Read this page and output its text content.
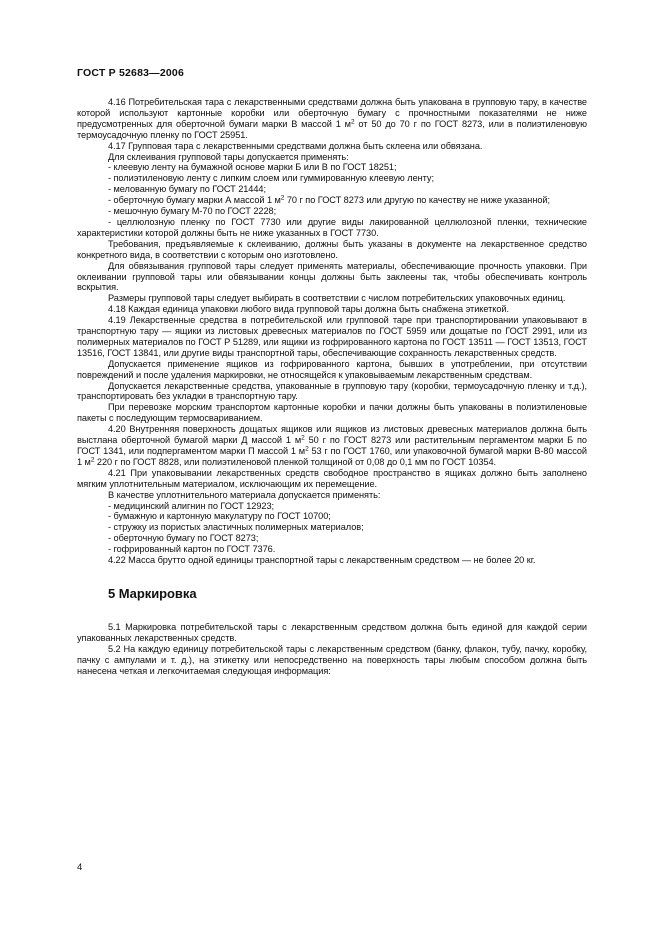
ГОСТ Р 52683—2006

4.16 Потребительская тара с лекарственными средствами должна быть упакована в групповую тару, в качестве которой используют картонные коробки или оберточную бумагу с прочностными показателями не ниже предусмотренных для оберточной бумаги марки В массой 1 $м^2$ от 50 до 70 г по ГОСТ 8273, или в полиэтиленовую термоусадочную пленку по ГОСТ 25951.

4.17 Групповая тара с лекарственными средствами должна быть склеена или обвязана.

Для склеивания групповой тары допускается применять:

- клеевую ленту на бумажной основе марки Б или В по ГОСТ 18251;

- полиэтиленовую ленту с липким слоем или гуммированную клеевую ленту;

- мелованную бумагу по ГОСТ 21444;

- оберточную бумагу марки А массой 1 $м^2$ 70 г по ГОСТ 8273 или другую по качеству не ниже указанной;

- мешочную бумагу М-70 по ГОСТ 2228;

- целлюлозную пленку по ГОСТ 7730 или другие виды лакированной целлюлозной пленки, технические характеристики которой должны быть не ниже указанных в ГОСТ 7730.

Требования, предъявляемые к склеиванию, должны быть указаны в документе на лекарственное средство конкретного вида, в соответствии с которым оно изготовлено.

Для обвязывания групповой тары следует применять материалы, обеспечивающие прочность упаковки. При оклеивании групповой тары или обвязывании концы должны быть заклеены так, чтобы обеспечивать контроль вскрытия.

Размеры групповой тары следует выбирать в соответствии с числом потребительских упаковочных единиц.

4.18 Каждая единица упаковки любого вида групповой тары должна быть снабжена этикеткой.

4.19 Лекарственные средства в потребительской или групповой таре при транспортировании упаковывают в транспортную тару — ящики из листовых древесных материалов по ГОСТ 5959 или дощатые по ГОСТ 2991, или из полимерных материалов по ГОСТ Р 51289, или ящики из гофрированного картона по ГОСТ 13511 — ГОСТ 13513, ГОСТ 13516, ГОСТ 13841, или другие виды транспортной тары, обеспечивающие сохранность лекарственных средств.

Допускается применение ящиков из гофрированного картона, бывших в употреблении, при отсутствии повреждений и после удаления маркировки, не относящейся к упаковываемым лекарственным средствам.

Допускается лекарственные средства, упакованные в групповую тару (коробки, термоусадочную пленку и т.д.), транспортировать без укладки в транспортную тару.

При перевозке морским транспортом картонные коробки и пачки должны быть упакованы в полиэтиленовые пакеты с последующим термосвариванием.

4.20 Внутренняя поверхность дощатых ящиков или ящиков из листовых древесных материалов должна быть выстлана оберточной бумагой марки Д массой 1 $м^2$ 50 г по ГОСТ 8273 или растительным пергаментом марки Б по ГОСТ 1341, или подпергаментом марки П массой 1 $м^2$ 53 г по ГОСТ 1760, или упаковочной бумагой марки В-80 массой 1 $м^2$ 220 г по ГОСТ 8828, или полиэтиленовой пленкой толщиной от 0,08 до 0,1 мм по ГОСТ 10354.

4.21 При упаковывании лекарственных средств свободное пространство в ящиках должно быть заполнено мягким уплотнительным материалом, исключающим их перемещение.

В качестве уплотнительного материала допускается применять:

- медицинский алигнин по ГОСТ 12923;

- бумажную и картонную макулатуру по ГОСТ 10700;

- стружку из пористых эластичных полимерных материалов;

- оберточную бумагу по ГОСТ 8273;

- гофрированный картон по ГОСТ 7376.

4.22 Масса брутто одной единицы транспортной тары с лекарственным средством — не более 20 кг.

5 Маркировка

5.1 Маркировка потребительской тары с лекарственным средством должна быть единой для каждой серии упакованных лекарственных средств.

5.2 На каждую единицу потребительской тары с лекарственным средством (банку, флакон, тубу, пачку, коробку, пачку с ампулами и т. д.), на этикетку или непосредственно на поверхность тары любым способом должна быть нанесена четкая и легкочитаемая следующая информация:

4
